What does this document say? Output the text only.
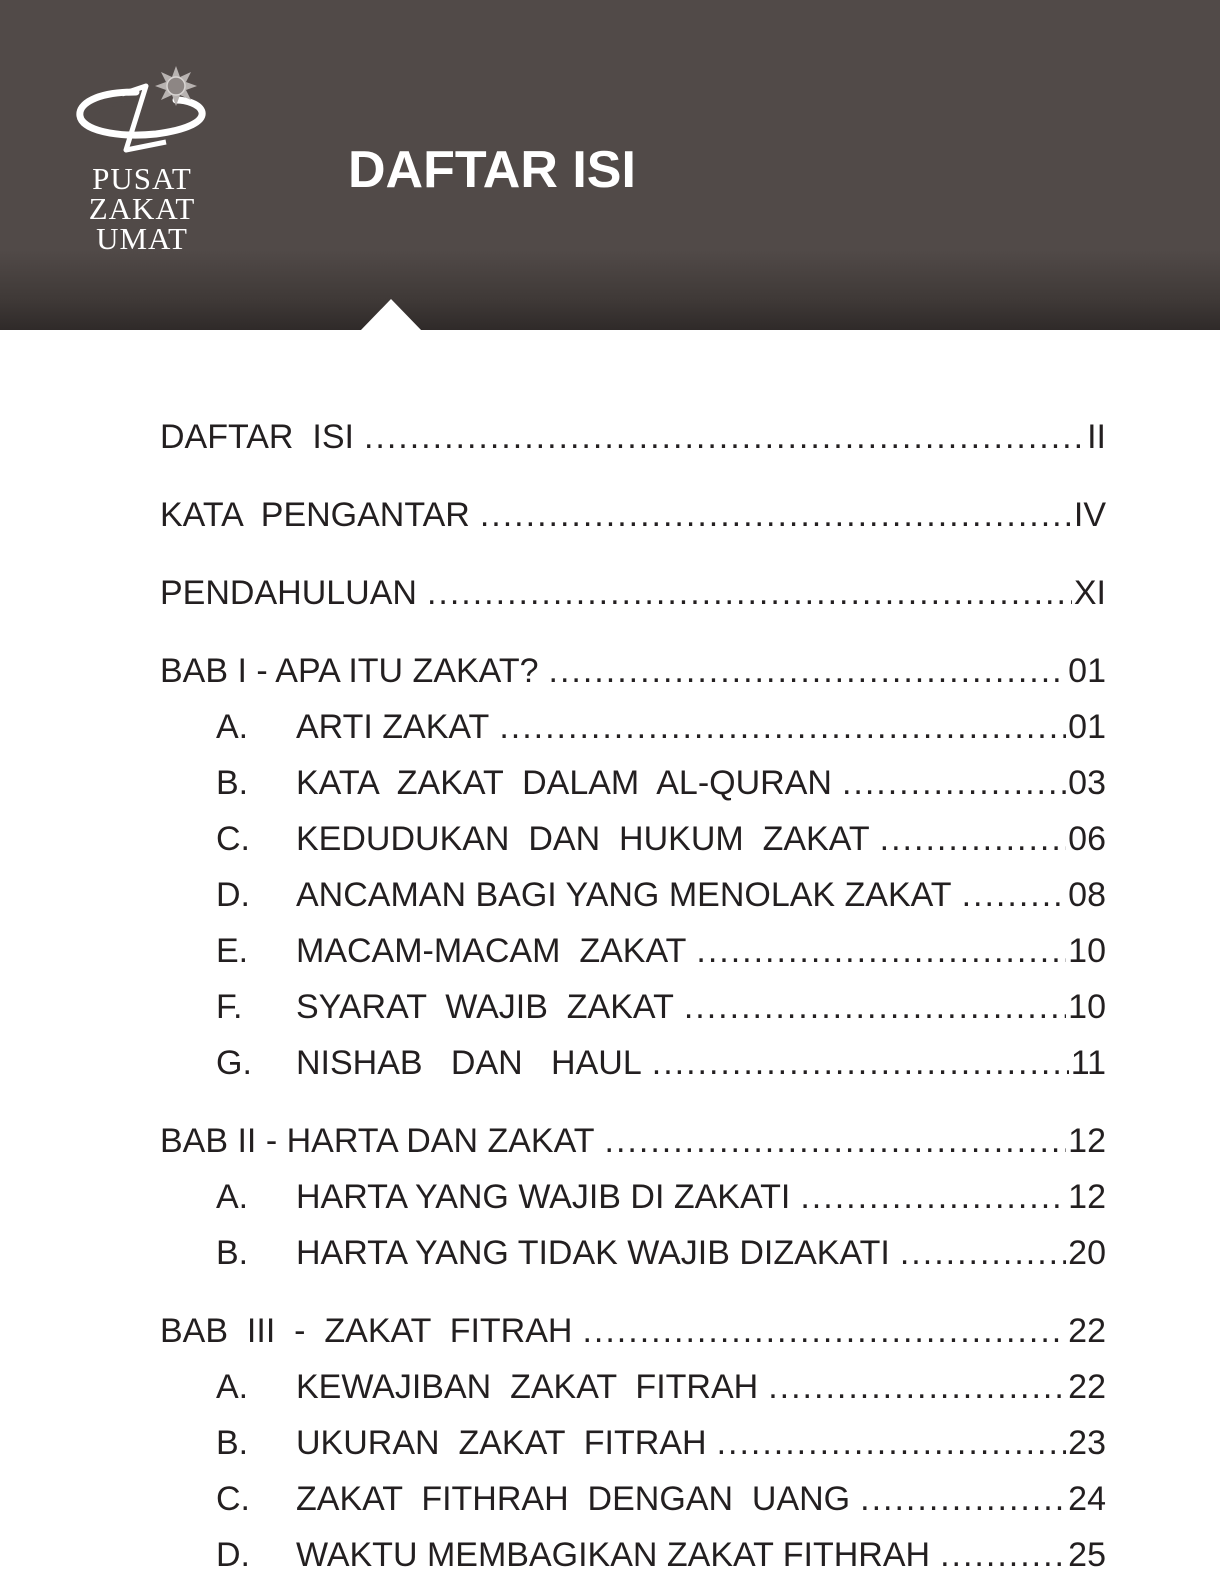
PUSAT
ZAKAT
UMAT
DAFTAR ISI
DAFTAR  ISI .....	II
KATA  PENGANTAR .....	IV
PENDAHULUAN .....	XI
BAB I - APA ITU ZAKAT? .....	01
A.	ARTI ZAKAT .....	01
B.	KATA  ZAKAT  DALAM  AL-QURAN .....	03
C.	KEDUDUKAN  DAN  HUKUM  ZAKAT .....	06
D.	ANCAMAN BAGI YANG MENOLAK ZAKAT .....	08
E.	MACAM-MACAM  ZAKAT .....	10
F.	SYARAT  WAJIB  ZAKAT .....	10
G.	NISHAB   DAN   HAUL .....	11
BAB II - HARTA DAN ZAKAT .....	12
A.	HARTA YANG WAJIB DI ZAKATI .....	12
B.	HARTA YANG TIDAK WAJIB DIZAKATI .....	20
BAB  III  -  ZAKAT  FITRAH .....	22
A.	KEWAJIBAN  ZAKAT  FITRAH .....	22
B.	UKURAN  ZAKAT  FITRAH .....	23
C.	ZAKAT  FITHRAH  DENGAN  UANG .....	24
D.	WAKTU MEMBAGIKAN ZAKAT FITHRAH .....	25
